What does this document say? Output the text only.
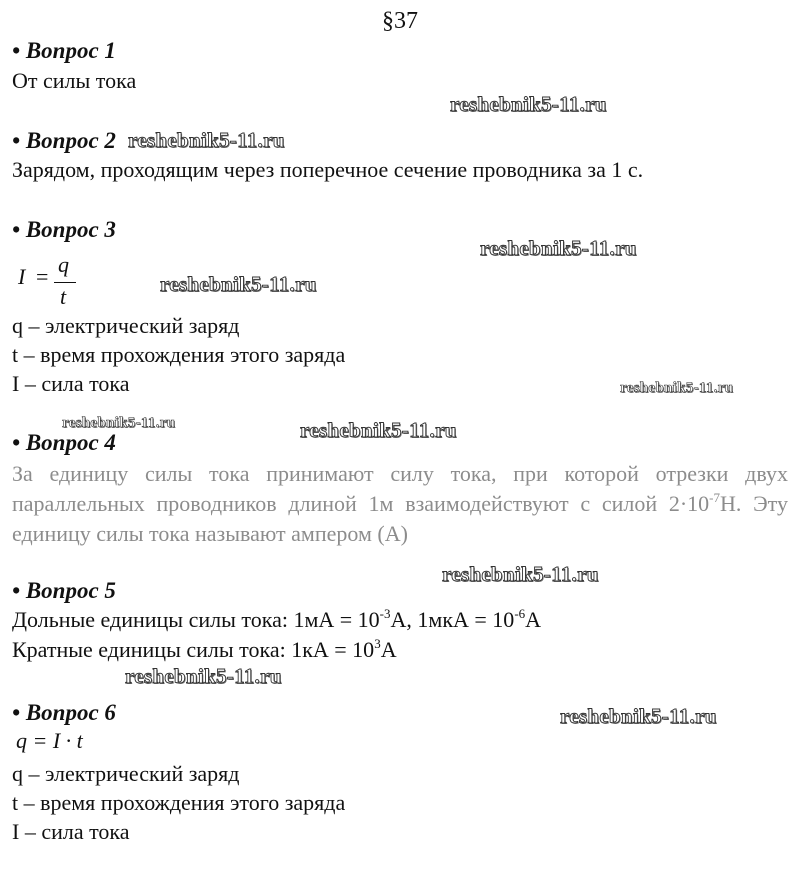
§37
• Вопрос 1
От силы тока
reshebnik5-11.ru
• Вопрос 2 reshebnik5-11.ru
Зарядом, проходящим через поперечное сечение проводника за 1 с.
• Вопрос 3
reshebnik5-11.ru
I = q
t	reshebnik5-11.ru
q – электрический заряд
t – время прохождения этого заряда
I – сила тока	reshebnik5-11.ru
reshebnik5-11.ru	reshebnik5-11.ru
• Вопрос 4
За единицу силы тока принимают силу тока, при которой отрезки двух параллельных проводников длиной 1м взаимодействуют с силой $2\cdot 10^{-7}Н$. Эту единицу силы тока называют ампером (А)
reshebnik5-11.ru
• Вопрос 5
Дольные единицы силы тока: $1мА = 10^{-3}А$, $1мкА = 10^{-6}А$
Кратные единицы силы тока: $1кА = 10^3А$
reshebnik5-11.ru
• Вопрос 6	reshebnik5-11.ru
q = I · t
q – электрический заряд
t – время прохождения этого заряда
I – сила тока
